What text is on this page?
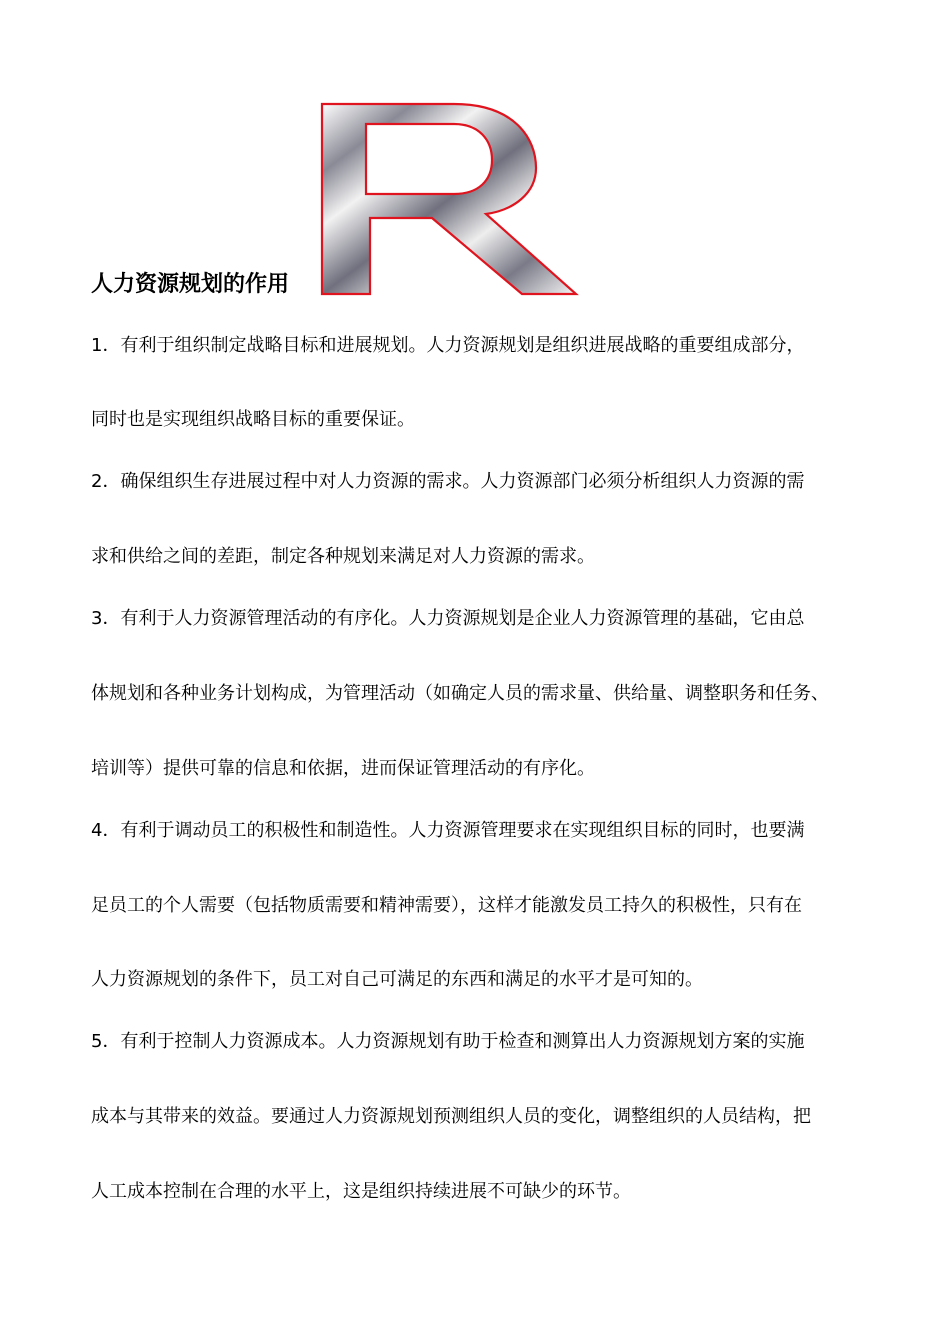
人力资源规划的作用
1．有利于组织制定战略目标和进展规划。人力资源规划是组织进展战略的重要组成部分，
同时也是实现组织战略目标的重要保证。
2．确保组织生存进展过程中对人力资源的需求。人力资源部门必须分析组织人力资源的需
求和供给之间的差距，制定各种规划来满足对人力资源的需求。
3．有利于人力资源管理活动的有序化。人力资源规划是企业人力资源管理的基础，它由总
体规划和各种业务计划构成，为管理活动（如确定人员的需求量、供给量、调整职务和任务、
培训等）提供可靠的信息和依据，进而保证管理活动的有序化。
4．有利于调动员工的积极性和制造性。人力资源管理要求在实现组织目标的同时，也要满
足员工的个人需要（包括物质需要和精神需要），这样才能激发员工持久的积极性，只有在
人力资源规划的条件下，员工对自己可满足的东西和满足的水平才是可知的。
5．有利于控制人力资源成本。人力资源规划有助于检查和测算出人力资源规划方案的实施
成本与其带来的效益。要通过人力资源规划预测组织人员的变化，调整组织的人员结构，把
人工成本控制在合理的水平上，这是组织持续进展不可缺少的环节。
